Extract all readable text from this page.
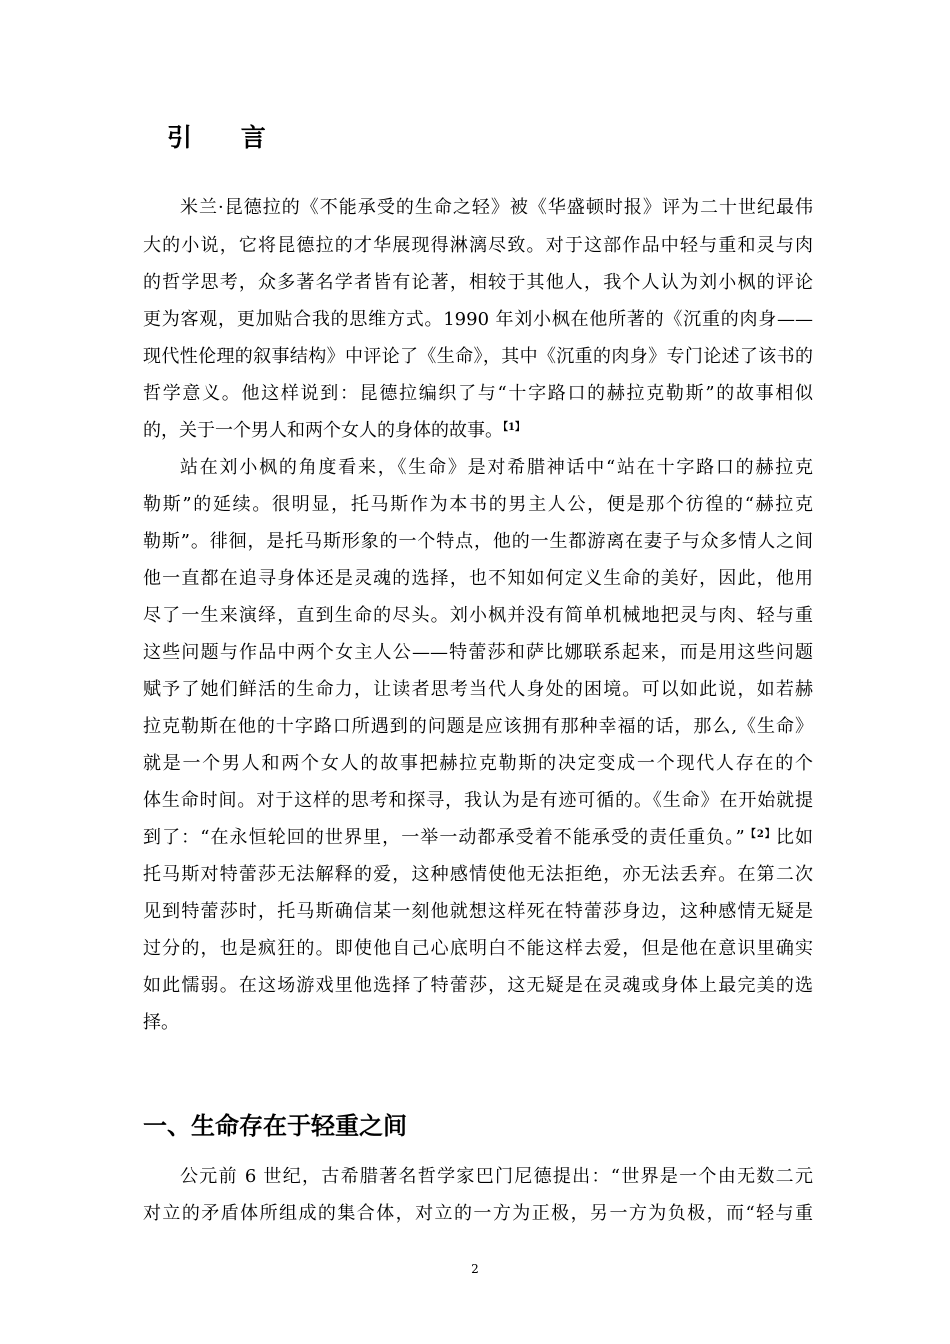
引 言
米兰·昆德拉的《不能承受的生命之轻》被《华盛顿时报》评为二十世纪最伟
大的小说，它将昆德拉的才华展现得淋漓尽致。对于这部作品中轻与重和灵与肉
的哲学思考，众多著名学者皆有论著，相较于其他人，我个人认为刘小枫的评论
更为客观，更加贴合我的思维方式。1990 年刘小枫在他所著的《沉重的肉身——
现代性伦理的叙事结构》中评论了《生命》，其中《沉重的肉身》专门论述了该书的
哲学意义。他这样说到：昆德拉编织了与“十字路口的赫拉克勒斯”的故事相似
的，关于一个男人和两个女人的身体的故事。$^{【1】}$
站在刘小枫的角度看来，《生命》是对希腊神话中“站在十字路口的赫拉克
勒斯”的延续。很明显，托马斯作为本书的男主人公，便是那个彷徨的“赫拉克
勒斯”。徘徊，是托马斯形象的一个特点，他的一生都游离在妻子与众多情人之间
他一直都在追寻身体还是灵魂的选择，也不知如何定义生命的美好，因此，他用
尽了一生来演绎，直到生命的尽头。刘小枫并没有简单机械地把灵与肉、轻与重
这些问题与作品中两个女主人公——特蕾莎和萨比娜联系起来，而是用这些问题
赋予了她们鲜活的生命力，让读者思考当代人身处的困境。可以如此说，如若赫
拉克勒斯在他的十字路口所遇到的问题是应该拥有那种幸福的话，那么,《生命》
就是一个男人和两个女人的故事把赫拉克勒斯的决定变成一个现代人存在的个
体生命时间。对于这样的思考和探寻，我认为是有迹可循的。《生命》在开始就提
到了：“在永恒轮回的世界里，一举一动都承受着不能承受的责任重负。”$^{【2】}$比如
托马斯对特蕾莎无法解释的爱，这种感情使他无法拒绝，亦无法丢弃。在第二次
见到特蕾莎时，托马斯确信某一刻他就想这样死在特蕾莎身边，这种感情无疑是
过分的，也是疯狂的。即使他自己心底明白不能这样去爱，但是他在意识里确实
如此懦弱。在这场游戏里他选择了特蕾莎，这无疑是在灵魂或身体上最完美的选
择。
一、生命存在于轻重之间
公元前 6 世纪，古希腊著名哲学家巴门尼德提出：“世界是一个由无数二元
对立的矛盾体所组成的集合体，对立的一方为正极，另一方为负极，而“轻与重
2
